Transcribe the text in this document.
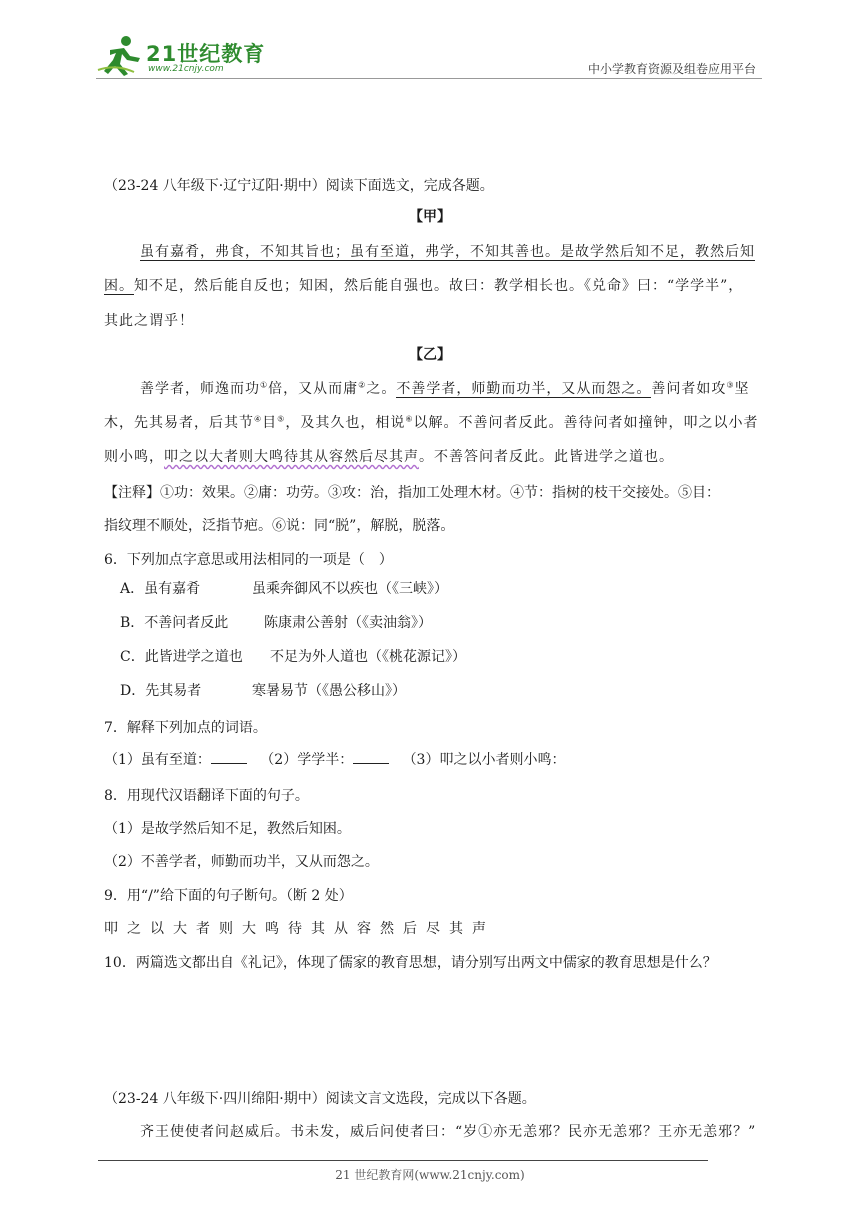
21世纪教育
www.21cnjy.com	中小学教育资源及组卷应用平台
（23-24 八年级下·辽宁辽阳·期中）阅读下面选文，完成各题。
【甲】
虽有嘉肴，弗食，不知其旨也；虽有至道，弗学，不知其善也。是故学然后知不足，教然后知
困。知不足，然后能自反也；知困，然后能自强也。故曰：教学相长也。《兑命》曰：“学学半”，
其此之谓乎！
【乙】
善学者，师逸而功①倍，又从而庸②之。不善学者，师勤而功半，又从而怨之。善问者如攻③坚
木，先其易者，后其节④目⑤，及其久也，相说⑥以解。不善问者反此。善待问者如撞钟，叩之以小者
则小鸣，叩之以大者则大鸣待其从容然后尽其声。不善答问者反此。此皆进学之道也。
【注释】①功：效果。②庸：功劳。③攻：治，指加工处理木材。④节：指树的枝干交接处。⑤目：
指纹理不顺处，泛指节疤。⑥说：同“脱”，解脱，脱落。
6．下列加点字意思或用法相同的一项是（　）
A．虽有嘉肴	虽乘奔御风不以疾也（《三峡》）
B．不善问者反此	陈康肃公善射（《卖油翁》）
C．此皆进学之道也 不足为外人道也（《桃花源记》）
D．先其易者	寒暑易节（《愚公移山》）
7．解释下列加点的词语。
（1）虽有至道：	（2）学学半：	（3）叩之以小者则小鸣：
8．用现代汉语翻译下面的句子。
（1）是故学然后知不足，教然后知困。
（2）不善学者，师勤而功半，又从而怨之。
9．用“/”给下面的句子断句。（断 2 处）
叩之以大者则大鸣待其从容然后尽其声
10．两篇选文都出自《礼记》，体现了儒家的教育思想，请分别写出两文中儒家的教育思想是什么？
（23-24 八年级下·四川绵阳·期中）阅读文言文选段，完成以下各题。
齐王使使者问赵威后。书未发，威后问使者曰：“岁①亦无恙邪？民亦无恙邪？王亦无恙邪？”
21 世纪教育网(www.21cnjy.com)
